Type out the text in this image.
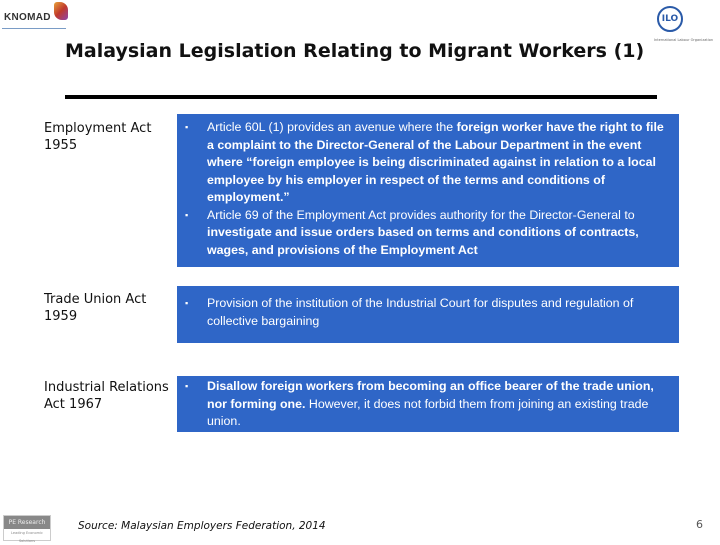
KNOMAD	ILO
International Labour Organization
Malaysian Legislation Relating to Migrant Workers (1)
Employment Act 1955
▪ Article 60L (1) provides an avenue where the foreign worker have the right to file a complaint to the Director-General of the Labour Department in the event where “foreign employee is being discriminated against in relation to a local employee by his employer in respect of the terms and conditions of employment.”
▪ Article 69 of the Employment Act provides authority for the Director-General to investigate and issue orders based on terms and conditions of contracts, wages, and provisions of the Employment Act
Trade Union Act 1959
▪ Provision of the institution of the Industrial Court for disputes and regulation of collective bargaining
Industrial Relations Act 1967
▪ Disallow foreign workers from becoming an office bearer of the trade union, nor forming one. However, it does not forbid them from joining an existing trade union.
PE Research
Leading Economic Solutions
Source: Malaysian Employers Federation, 2014	6
